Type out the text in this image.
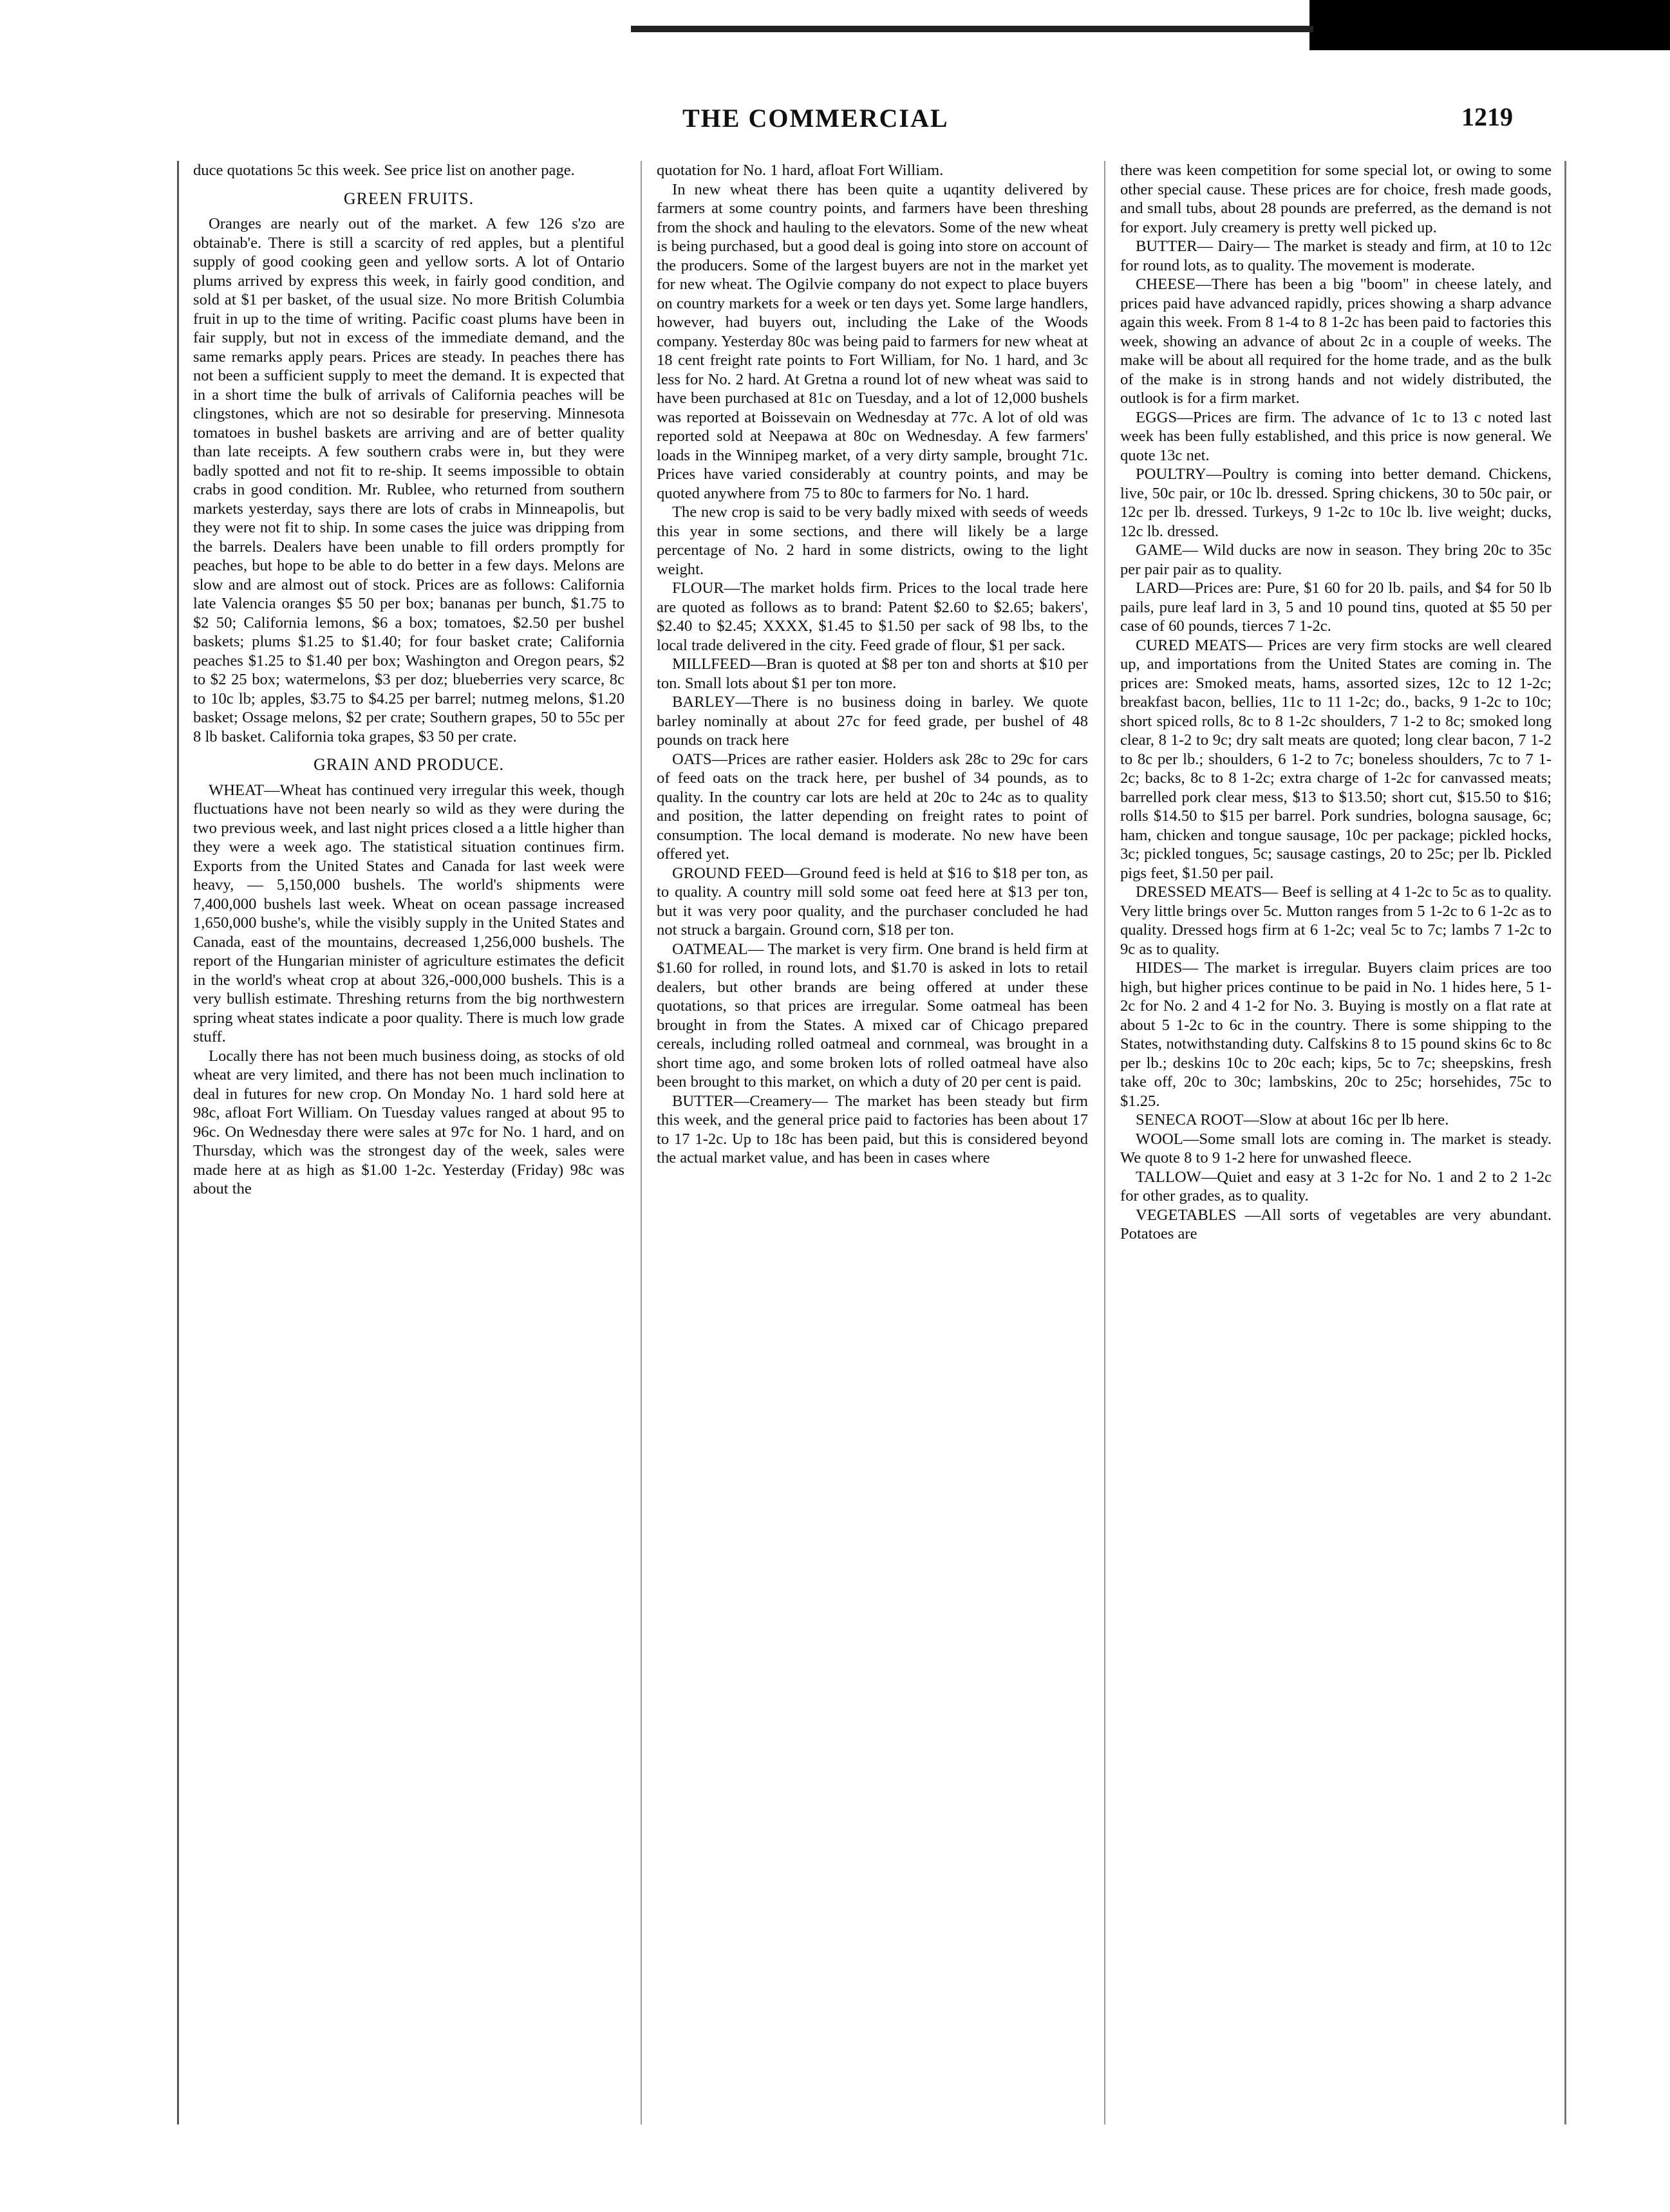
THE COMMERCIAL	1219

duce quotations 5c this week. See price list on another page.

GREEN FRUITS.

Oranges are nearly out of the market. A few 126 s'zo are obtainab'e. There is still a scarcity of red apples, but a plentiful supply of good cooking geen and yellow sorts. A lot of Ontario plums arrived by express this week, in fairly good condition, and sold at $1 per basket, of the usual size. No more British Columbia fruit in up to the time of writing. Pacific coast plums have been in fair supply, but not in excess of the immediate demand, and the same remarks apply pears. Prices are steady. In peaches there has not been a sufficient supply to meet the demand. It is expected that in a short time the bulk of arrivals of California peaches will be clingstones, which are not so desirable for preserving. Minnesota tomatoes in bushel baskets are arriving and are of better quality than late receipts. A few southern crabs were in, but they were badly spotted and not fit to re-ship. It seems impossible to obtain crabs in good condition. Mr. Rublee, who returned from southern markets yesterday, says there are lots of crabs in Minneapolis, but they were not fit to ship. In some cases the juice was dripping from the barrels. Dealers have been unable to fill orders promptly for peaches, but hope to be able to do better in a few days. Melons are slow and are almost out of stock. Prices are as follows: California late Valencia oranges $5 50 per box; bananas per bunch, $1.75 to $2 50; California lemons, $6 a box; tomatoes, $2.50 per bushel baskets; plums $1.25 to $1.40; for four basket crate; California peaches $1.25 to $1.40 per box; Washington and Oregon pears, $2 to $2 25 box; watermelons, $3 per doz; blueberries very scarce, 8c to 10c lb; apples, $3.75 to $4.25 per barrel; nutmeg melons, $1.20 basket; Ossage melons, $2 per crate; Southern grapes, 50 to 55c per 8 lb basket. California toka grapes, $3 50 per crate.

GRAIN AND PRODUCE.

WHEAT—Wheat has continued very irregular this week, though fluctuations have not been nearly so wild as they were during the two previous week, and last night prices closed a a little higher than they were a week ago. The statistical situation continues firm. Exports from the United States and Canada for last week were heavy, — 5,150,000 bushels. The world's shipments were 7,400,000 bushels last week. Wheat on ocean passage increased 1,650,000 bushe's, while the visibly supply in the United States and Canada, east of the mountains, decreased 1,256,000 bushels. The report of the Hungarian minister of agriculture estimates the deficit in the world's wheat crop at about 326,-000,000 bushels. This is a very bullish estimate. Threshing returns from the big northwestern spring wheat states indicate a poor quality. There is much low grade stuff.

Locally there has not been much business doing, as stocks of old wheat are very limited, and there has not been much inclination to deal in futures for new crop. On Monday No. 1 hard sold here at 98c, afloat Fort William. On Tuesday values ranged at about 95 to 96c. On Wednesday there were sales at 97c for No. 1 hard, and on Thursday, which was the strongest day of the week, sales were made here at as high as $1.00 1-2c. Yesterday (Friday) 98c was about the

quotation for No. 1 hard, afloat Fort William.

In new wheat there has been quite a uqantity delivered by farmers at some country points, and farmers have been threshing from the shock and hauling to the elevators. Some of the new wheat is being purchased, but a good deal is going into store on account of the producers. Some of the largest buyers are not in the market yet for new wheat. The Ogilvie company do not expect to place buyers on country markets for a week or ten days yet. Some large handlers, however, had buyers out, including the Lake of the Woods company. Yesterday 80c was being paid to farmers for new wheat at 18 cent freight rate points to Fort William, for No. 1 hard, and 3c less for No. 2 hard. At Gretna a round lot of new wheat was said to have been purchased at 81c on Tuesday, and a lot of 12,000 bushels was reported at Boissevain on Wednesday at 77c. A lot of old was reported sold at Neepawa at 80c on Wednesday. A few farmers' loads in the Winnipeg market, of a very dirty sample, brought 71c. Prices have varied considerably at country points, and may be quoted anywhere from 75 to 80c to farmers for No. 1 hard.

The new crop is said to be very badly mixed with seeds of weeds this year in some sections, and there will likely be a large percentage of No. 2 hard in some districts, owing to the light weight.

FLOUR—The market holds firm. Prices to the local trade here are quoted as follows as to brand: Patent $2.60 to $2.65; bakers', $2.40 to $2.45; XXXX, $1.45 to $1.50 per sack of 98 lbs, to the local trade delivered in the city. Feed grade of flour, $1 per sack.

MILLFEED—Bran is quoted at $8 per ton and shorts at $10 per ton. Small lots about $1 per ton more.

BARLEY—There is no business doing in barley. We quote barley nominally at about 27c for feed grade, per bushel of 48 pounds on track here

OATS—Prices are rather easier. Holders ask 28c to 29c for cars of feed oats on the track here, per bushel of 34 pounds, as to quality. In the country car lots are held at 20c to 24c as to quality and position, the latter depending on freight rates to point of consumption. The local demand is moderate. No new have been offered yet.

GROUND FEED—Ground feed is held at $16 to $18 per ton, as to quality. A country mill sold some oat feed here at $13 per ton, but it was very poor quality, and the purchaser concluded he had not struck a bargain. Ground corn, $18 per ton.

OATMEAL— The market is very firm. One brand is held firm at $1.60 for rolled, in round lots, and $1.70 is asked in lots to retail dealers, but other brands are being offered at under these quotations, so that prices are irregular. Some oatmeal has been brought in from the States. A mixed car of Chicago prepared cereals, including rolled oatmeal and cornmeal, was brought in a short time ago, and some broken lots of rolled oatmeal have also been brought to this market, on which a duty of 20 per cent is paid.

BUTTER—Creamery— The market has been steady but firm this week, and the general price paid to factories has been about 17 to 17 1-2c. Up to 18c has been paid, but this is considered beyond the actual market value, and has been in cases where

there was keen competition for some special lot, or owing to some other special cause. These prices are for choice, fresh made goods, and small tubs, about 28 pounds are preferred, as the demand is not for export. July creamery is pretty well picked up.

BUTTER— Dairy— The market is steady and firm, at 10 to 12c for round lots, as to quality. The movement is moderate.

CHEESE—There has been a big "boom" in cheese lately, and prices paid have advanced rapidly, prices showing a sharp advance again this week. From 8 1-4 to 8 1-2c has been paid to factories this week, showing an advance of about 2c in a couple of weeks. The make will be about all required for the home trade, and as the bulk of the make is in strong hands and not widely distributed, the outlook is for a firm market.

EGGS—Prices are firm. The advance of 1c to 13 c noted last week has been fully established, and this price is now general. We quote 13c net.

POULTRY—Poultry is coming into better demand. Chickens, live, 50c pair, or 10c lb. dressed. Spring chickens, 30 to 50c pair, or 12c per lb. dressed. Turkeys, 9 1-2c to 10c lb. live weight; ducks, 12c lb. dressed.

GAME— Wild ducks are now in season. They bring 20c to 35c per pair pair as to quality.

LARD—Prices are: Pure, $1 60 for 20 lb. pails, and $4 for 50 lb pails, pure leaf lard in 3, 5 and 10 pound tins, quoted at $5 50 per case of 60 pounds, tierces 7 1-2c.

CURED MEATS— Prices are very firm stocks are well cleared up, and importations from the United States are coming in. The prices are: Smoked meats, hams, assorted sizes, 12c to 12 1-2c; breakfast bacon, bellies, 11c to 11 1-2c; do., backs, 9 1-2c to 10c; short spiced rolls, 8c to 8 1-2c shoulders, 7 1-2 to 8c; smoked long clear, 8 1-2 to 9c; dry salt meats are quoted; long clear bacon, 7 1-2 to 8c per lb.; shoulders, 6 1-2 to 7c; boneless shoulders, 7c to 7 1-2c; backs, 8c to 8 1-2c; extra charge of 1-2c for canvassed meats; barrelled pork clear mess, $13 to $13.50; short cut, $15.50 to $16; rolls $14.50 to $15 per barrel. Pork sundries, bologna sausage, 6c; ham, chicken and tongue sausage, 10c per package; pickled hocks, 3c; pickled tongues, 5c; sausage castings, 20 to 25c; per lb. Pickled pigs feet, $1.50 per pail.

DRESSED MEATS— Beef is selling at 4 1-2c to 5c as to quality. Very little brings over 5c. Mutton ranges from 5 1-2c to 6 1-2c as to quality. Dressed hogs firm at 6 1-2c; veal 5c to 7c; lambs 7 1-2c to 9c as to quality.

HIDES— The market is irregular. Buyers claim prices are too high, but higher prices continue to be paid in No. 1 hides here, 5 1-2c for No. 2 and 4 1-2 for No. 3. Buying is mostly on a flat rate at about 5 1-2c to 6c in the country. There is some shipping to the States, notwithstanding duty. Calfskins 8 to 15 pound skins 6c to 8c per lb.; deskins 10c to 20c each; kips, 5c to 7c; sheepskins, fresh take off, 20c to 30c; lambskins, 20c to 25c; horsehides, 75c to $1.25.

SENECA ROOT—Slow at about 16c per lb here.

WOOL—Some small lots are coming in. The market is steady. We quote 8 to 9 1-2 here for unwashed fleece.

TALLOW—Quiet and easy at 3 1-2c for No. 1 and 2 to 2 1-2c for other grades, as to quality.

VEGETABLES —All sorts of vegetables are very abundant. Potatoes are
